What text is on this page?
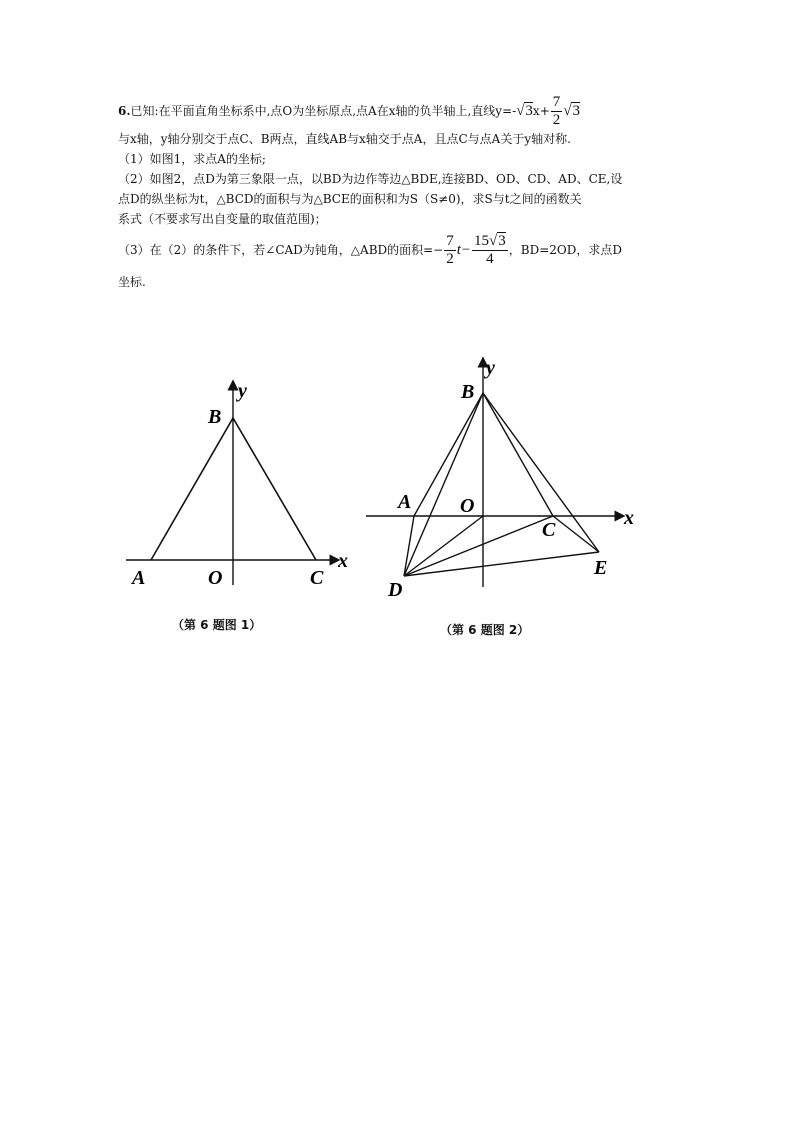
6.已知:在平面直角坐标系中,点O为坐标原点,点A在x轴的负半轴上,直线$y=-√3x+ \frac{7}{2} √3$
与x轴，y轴分别交于点C、B两点，直线AB与x轴交于点A，且点C与点A关于y轴对称.
（1）如图1，求点A的坐标;
（2）如图2，点D为第三象限一点，以BD为边作等边△BDE,连接BD、OD、CD、AD、CE,设
点D的纵坐标为t，△BCD的面积与为△BCE的面积和为S（S≠0)，求S与t之间的函数关
系式（不要求写出自变量的取值范围)；
（3）在（2）的条件下，若∠CAD为钝角，△ABD的面积=− $\frac{7}{2} t- \frac{15√3}{4}$ ，BD=2OD，求点D
坐标.
y
x
B
A	O	C
（第 6 题图 1）
y
x
B
A O
C
D
E
（第 6 题图 2）
